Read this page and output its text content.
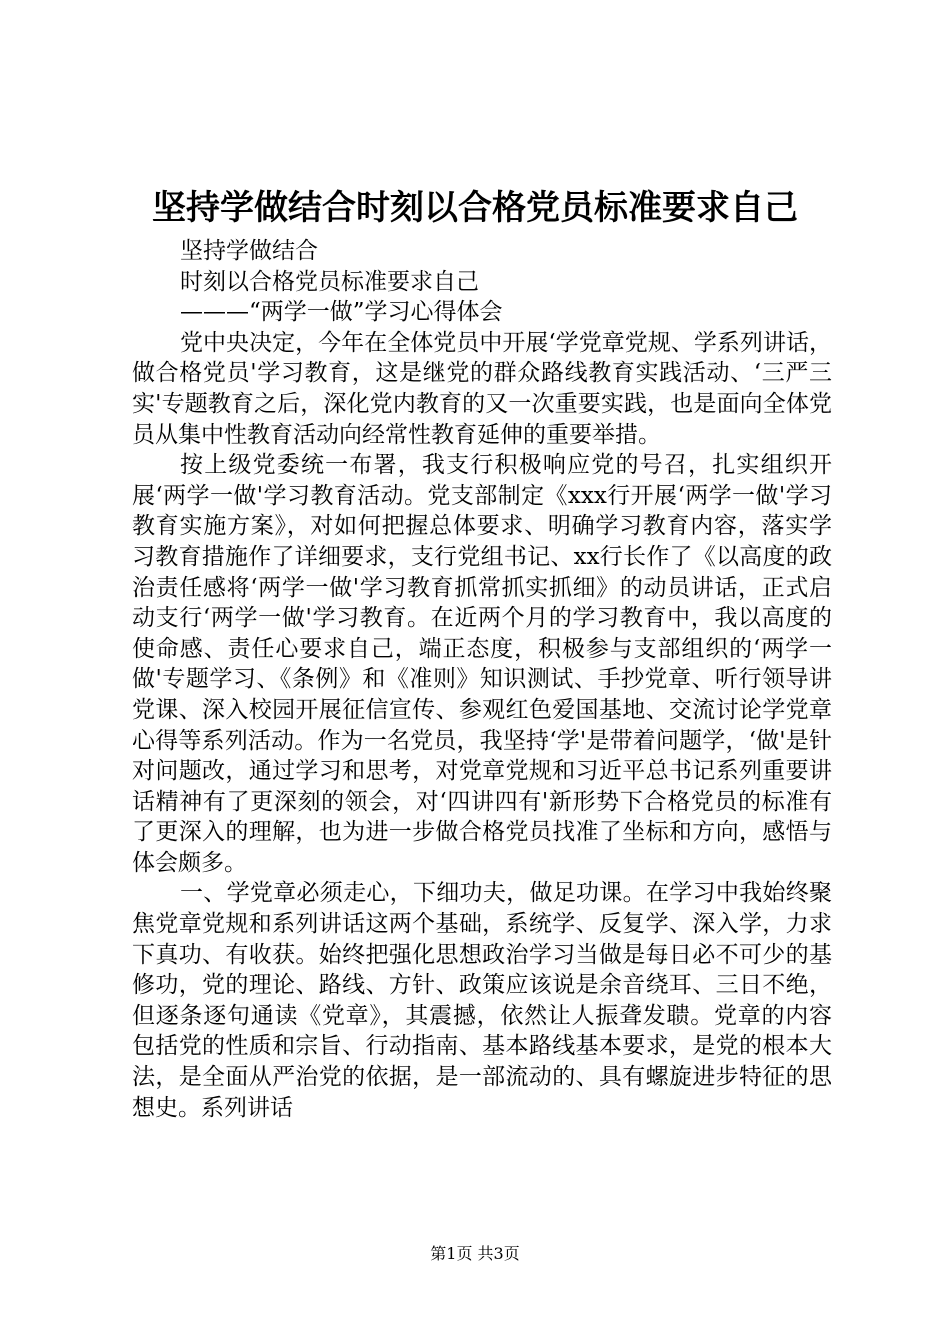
坚持学做结合时刻以合格党员标准要求自己

坚持学做结合

时刻以合格党员标准要求自己

———“两学一做”学习心得体会

党中央决定，今年在全体党员中开展‘学党章党规、学系列讲话，做合格党员'学习教育，这是继党的群众路线教育实践活动、‘三严三实'专题教育之后，深化党内教育的又一次重要实践，也是面向全体党员从集中性教育活动向经常性教育延伸的重要举措。

按上级党委统一布署，我支行积极响应党的号召，扎实组织开展‘两学一做'学习教育活动。党支部制定《xxx行开展‘两学一做'学习教育实施方案》，对如何把握总体要求、明确学习教育内容，落实学习教育措施作了详细要求，支行党组书记、xx行长作了《以高度的政治责任感将‘两学一做'学习教育抓常抓实抓细》的动员讲话，正式启动支行‘两学一做'学习教育。在近两个月的学习教育中，我以高度的使命感、责任心要求自己，端正态度，积极参与支部组织的‘两学一做'专题学习、《条例》和《准则》知识测试、手抄党章、听行领导讲党课、深入校园开展征信宣传、参观红色爱国基地、交流讨论学党章心得等系列活动。作为一名党员，我坚持‘学'是带着问题学，‘做'是针对问题改，通过学习和思考，对党章党规和习近平总书记系列重要讲话精神有了更深刻的领会，对‘四讲四有'新形势下合格党员的标准有了更深入的理解，也为进一步做合格党员找准了坐标和方向，感悟与体会颇多。

一、学党章必须走心，下细功夫，做足功课。在学习中我始终聚焦党章党规和系列讲话这两个基础，系统学、反复学、深入学，力求下真功、有收获。始终把强化思想政治学习当做是每日必不可少的基修功，党的理论、路线、方针、政策应该说是余音绕耳、三日不绝，但逐条逐句通读《党章》，其震撼，依然让人振聋发聩。党章的内容包括党的性质和宗旨、行动指南、基本路线基本要求，是党的根本大法，是全面从严治党的依据，是一部流动的、具有螺旋进步特征的思想史。系列讲话

第1页 共3页
